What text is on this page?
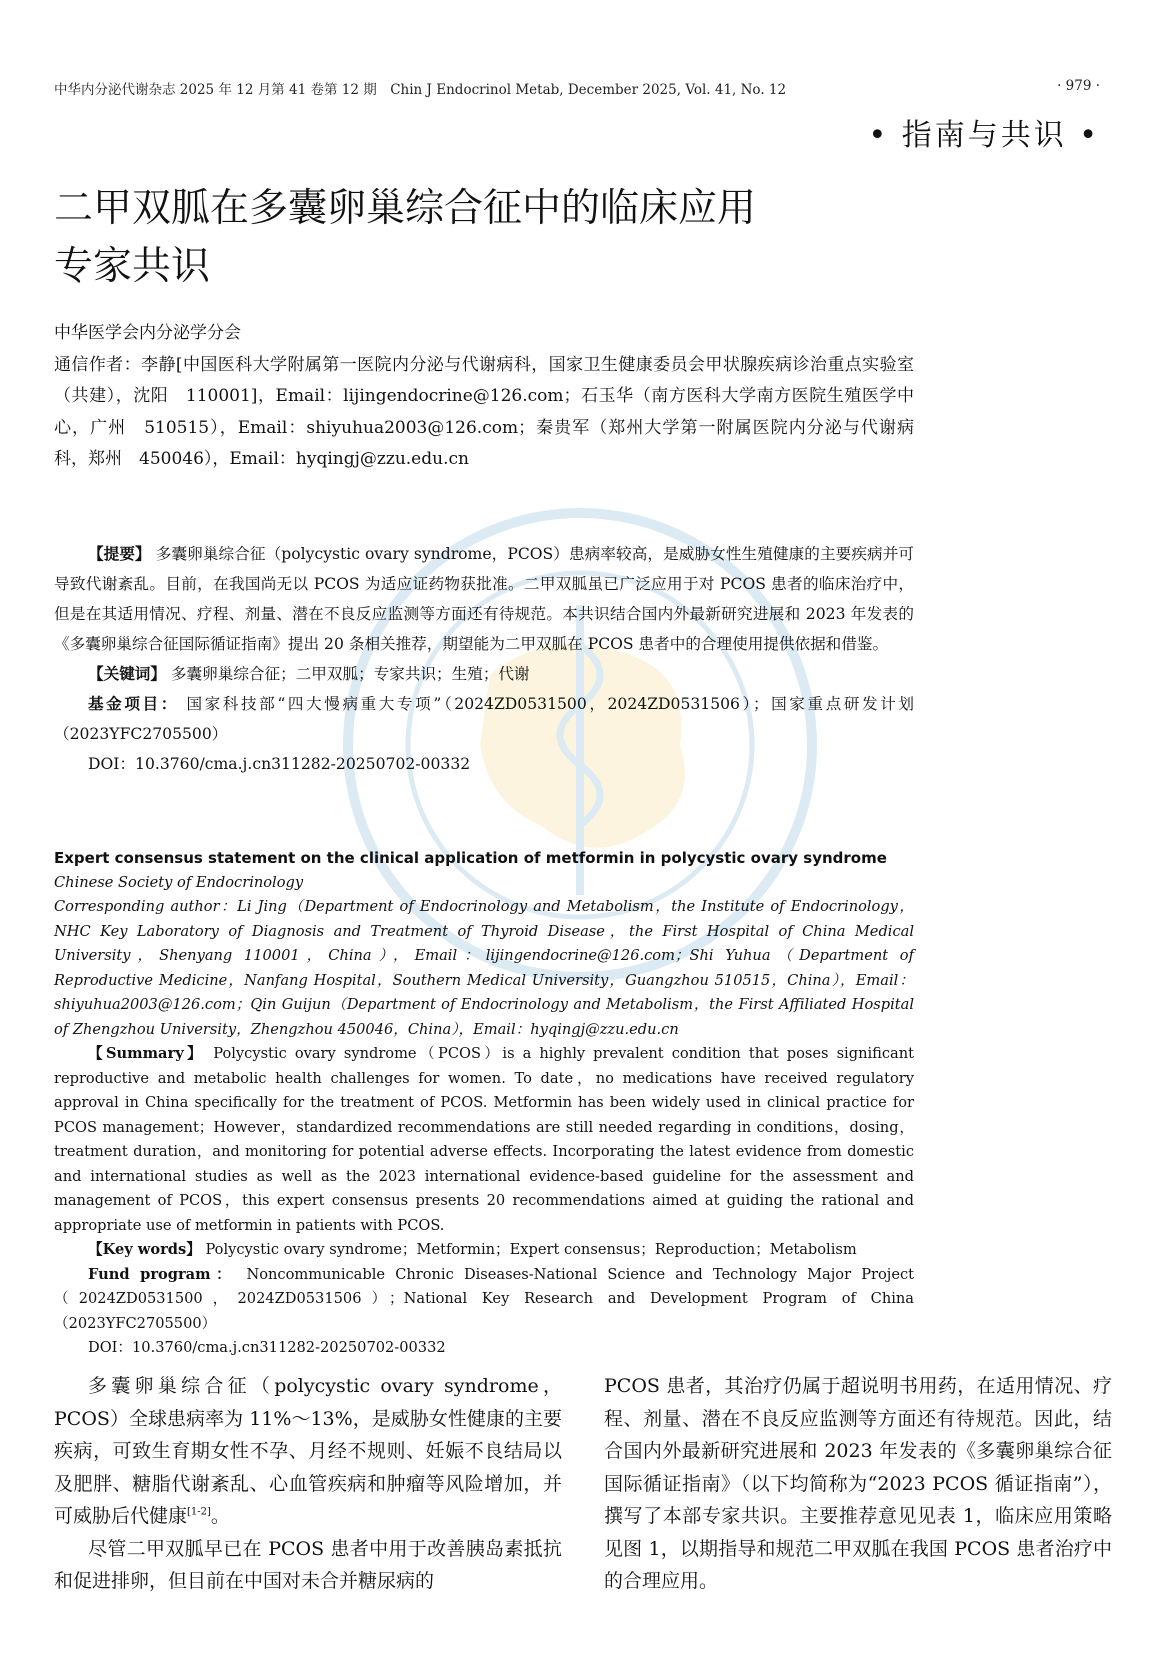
中华内分泌代谢杂志 2025 年 12 月第 41 卷第 12 期　Chin J Endocrinol Metab, December 2025, Vol. 41, No. 12	· 979 ·
• 指南与共识 •
二甲双胍在多囊卵巢综合征中的临床应用
专家共识

中华医学会内分泌学分会

通信作者：李静[中国医科大学附属第一医院内分泌与代谢病科，国家卫生健康委员会甲状腺疾病诊治重点实验室（共建），沈阳　110001]，Email：lijingendocrine@126.com；石玉华（南方医科大学南方医院生殖医学中心，广州　510515），Email：shiyuhua2003@126.com；秦贵军（郑州大学第一附属医院内分泌与代谢病科，郑州　450046），Email：hyqingj@zzu.edu.cn

【提要】 多囊卵巢综合征（polycystic ovary syndrome，PCOS）患病率较高，是威胁女性生殖健康的主要疾病并可导致代谢紊乱。目前，在我国尚无以 PCOS 为适应证药物获批准。二甲双胍虽已广泛应用于对 PCOS 患者的临床治疗中，但是在其适用情况、疗程、剂量、潜在不良反应监测等方面还有待规范。本共识结合国内外最新研究进展和 2023 年发表的《多囊卵巢综合征国际循证指南》提出 20 条相关推荐，期望能为二甲双胍在 PCOS 患者中的合理使用提供依据和借鉴。

【关键词】 多囊卵巢综合征；二甲双胍；专家共识；生殖；代谢

基金项目： 国家科技部“四大慢病重大专项”（2024ZD0531500，2024ZD0531506）；国家重点研发计划（2023YFC2705500）

DOI：10.3760/cma.j.cn311282-20250702-00332

Expert consensus statement on the clinical application of metformin in polycystic ovary syndrome

Chinese Society of Endocrinology

Corresponding author：Li Jing（Department of Endocrinology and Metabolism，the Institute of Endocrinology，NHC Key Laboratory of Diagnosis and Treatment of Thyroid Disease，the First Hospital of China Medical University，Shenyang 110001，China），Email：lijingendocrine@126.com；Shi Yuhua（Department of Reproductive Medicine，Nanfang Hospital，Southern Medical University，Guangzhou 510515，China），Email：shiyuhua2003@126.com；Qin Guijun（Department of Endocrinology and Metabolism，the First Affiliated Hospital of Zhengzhou University，Zhengzhou 450046，China），Email：hyqingj@zzu.edu.cn

【Summary】 Polycystic ovary syndrome（PCOS）is a highly prevalent condition that poses significant reproductive and metabolic health challenges for women. To date，no medications have received regulatory approval in China specifically for the treatment of PCOS. Metformin has been widely used in clinical practice for PCOS management；However，standardized recommendations are still needed regarding in conditions，dosing，treatment duration，and monitoring for potential adverse effects. Incorporating the latest evidence from domestic and international studies as well as the 2023 international evidence-based guideline for the assessment and management of PCOS，this expert consensus presents 20 recommendations aimed at guiding the rational and appropriate use of metformin in patients with PCOS.

【Key words】 Polycystic ovary syndrome；Metformin；Expert consensus；Reproduction；Metabolism

Fund program： Noncommunicable Chronic Diseases-National Science and Technology Major Project（2024ZD0531500，2024ZD0531506）；National Key Research and Development Program of China（2023YFC2705500）

DOI：10.3760/cma.j.cn311282-20250702-00332

多囊卵巢综合征（polycystic ovary syndrome，PCOS）全球患病率为 11%～13%，是威胁女性健康的主要疾病，可致生育期女性不孕、月经不规则、妊娠不良结局以及肥胖、糖脂代谢紊乱、心血管疾病和肿瘤等风险增加，并可威胁后代健康[1-2]。

尽管二甲双胍早已在 PCOS 患者中用于改善胰岛素抵抗和促进排卵，但目前在中国对未合并糖尿病的

PCOS 患者，其治疗仍属于超说明书用药，在适用情况、疗程、剂量、潜在不良反应监测等方面还有待规范。因此，结合国内外最新研究进展和 2023 年发表的《多囊卵巢综合征国际循证指南》（以下均简称为“2023 PCOS 循证指南”），撰写了本部专家共识。主要推荐意见见表 1，临床应用策略见图 1，以期指导和规范二甲双胍在我国 PCOS 患者治疗中的合理应用。
